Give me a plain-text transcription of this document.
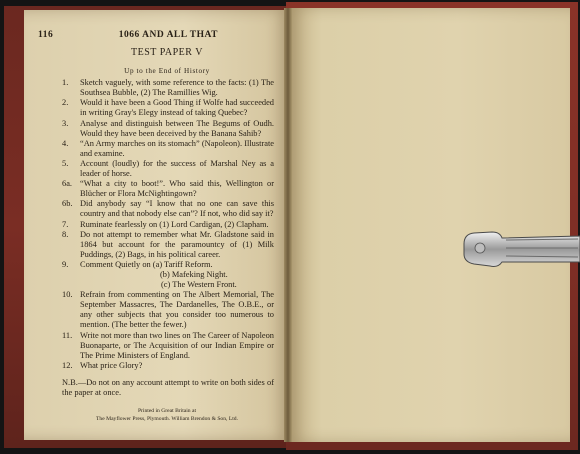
116	1066 AND ALL THAT
TEST PAPER V
Up to the End of History
1. Sketch vaguely, with some reference to the facts: (1) The Southsea Bubble, (2) The Ramillies Wig.
2. Would it have been a Good Thing if Wolfe had succeeded in writing Gray's Elegy instead of taking Quebec?
3. Analyse and distinguish between The Begums of Oudh. Would they have been deceived by the Banana Sahib?
4. “An Army marches on its stomach” (Napoleon). Illustrate and examine.
5. Account (loudly) for the success of Marshal Ney as a leader of horse.
6a. “What a city to boot!”. Who said this, Wellington or Blücher or Flora McNightingown?
6b. Did anybody say “I know that no one can save this country and that nobody else can”? If not, who did say it?
7. Ruminate fearlessly on (1) Lord Cardigan, (2) Clapham.
8. Do not attempt to remember what Mr. Gladstone said in 1864 but account for the paramountcy of (1) Milk Puddings, (2) Bags, in his political career.
9. Comment Quietly on (a) Tariff Reform.
(b) Mafeking Night.
(c) The Western Front.
10. Refrain from commenting on The Albert Memorial, The September Massacres, The Dardanelles, The O.B.E., or any other subjects that you consider too numerous to mention. (The better the fewer.)
11. Write not more than two lines on The Career of Napoleon Buonaparte, or The Acquisition of our Indian Empire or The Prime Ministers of England.
12. What price Glory?
N.B.—Do not on any account attempt to write on both sides of the paper at once.
Printed in Great Britain at
The Mayflower Press, Plymouth. William Brendon & Son, Ltd.
